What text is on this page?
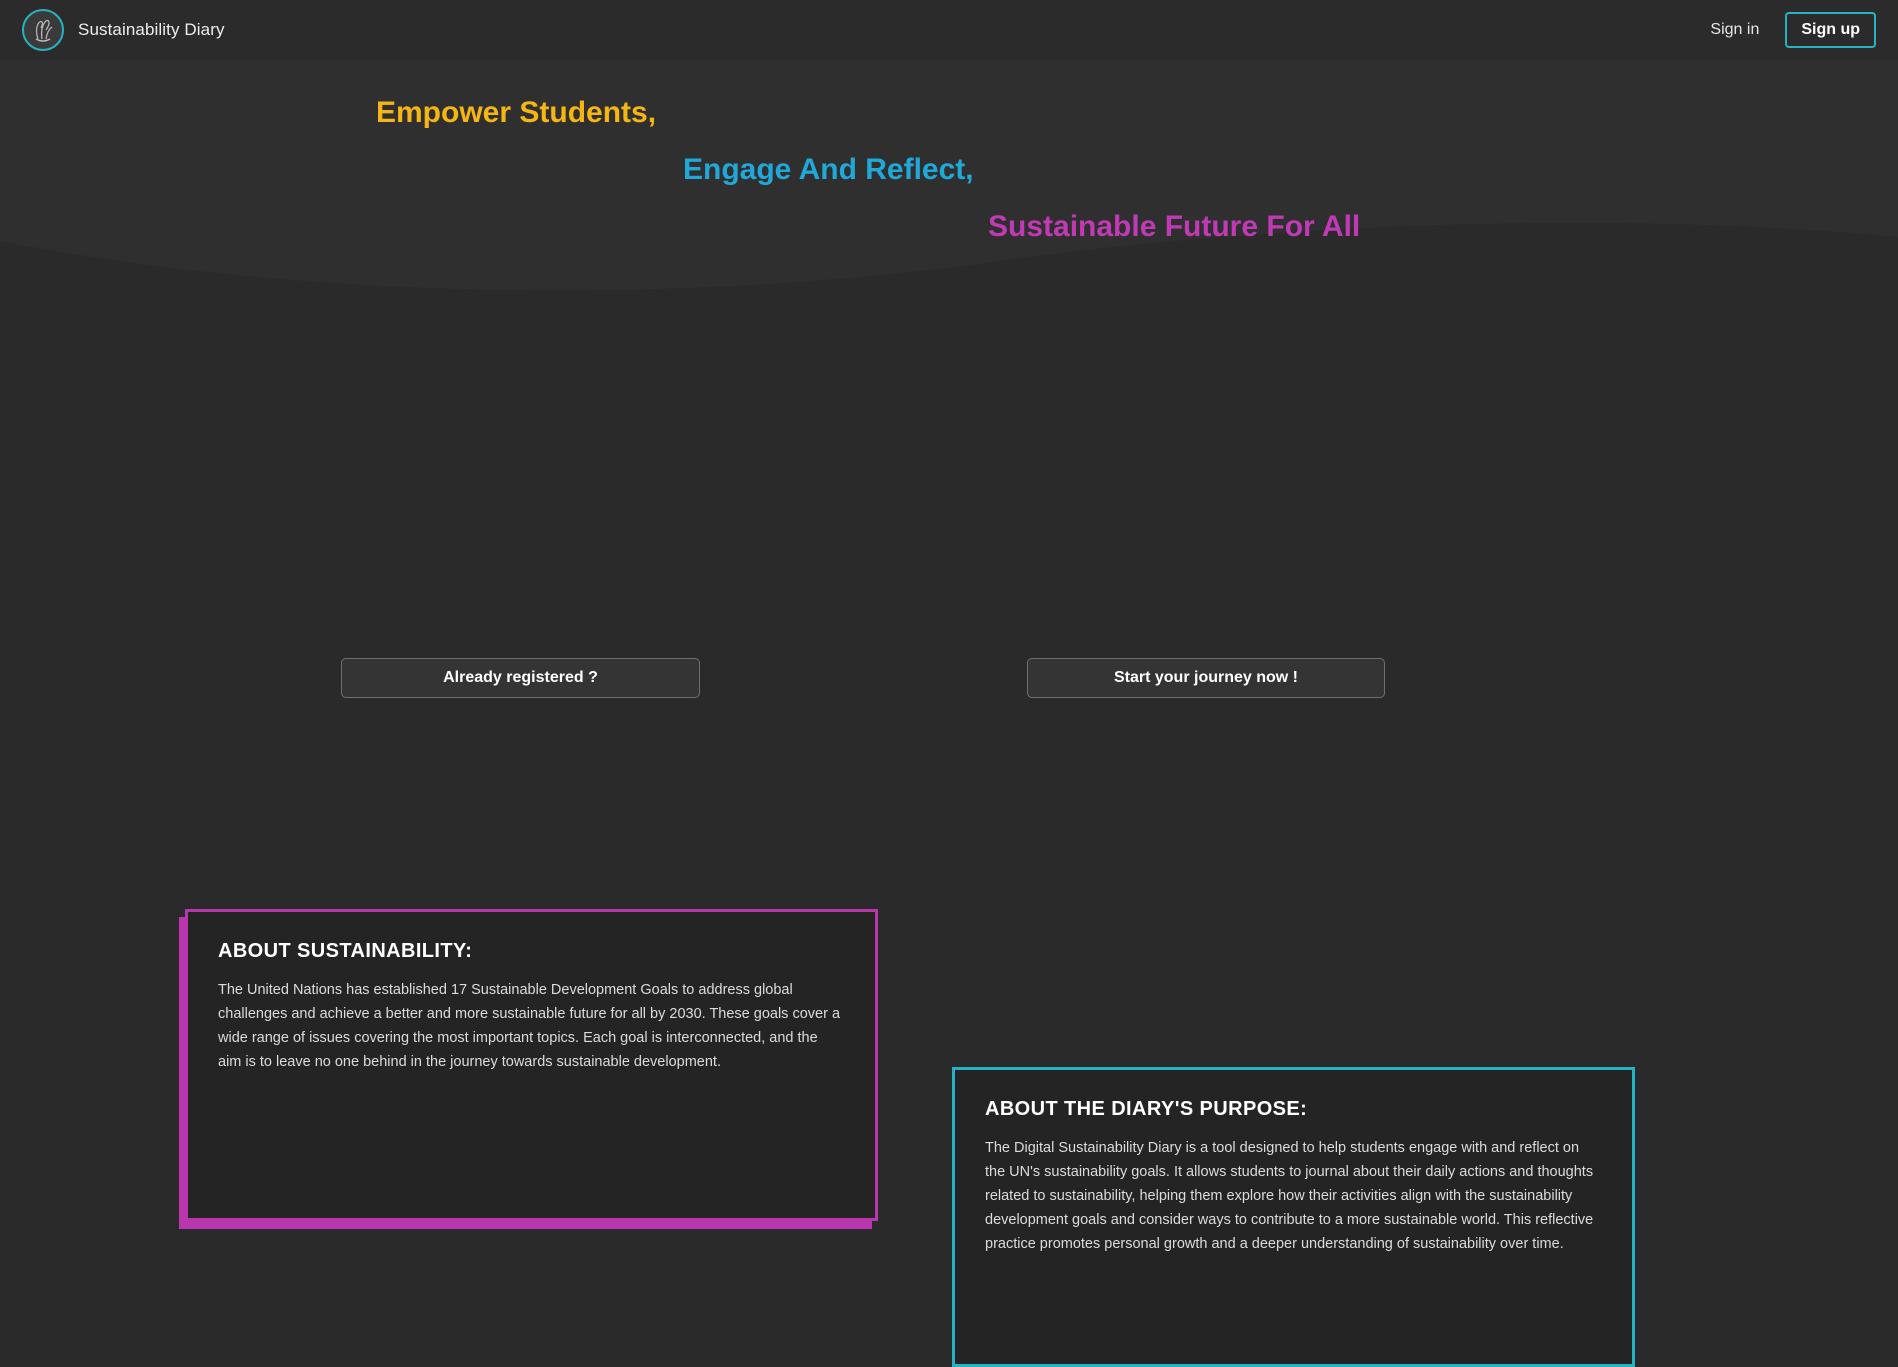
Sustainability Diary	Sign in	Sign up
Empower Students,
Engage And Reflect,
Sustainable Future For All
Already registered ?	Start your journey now !
ABOUT SUSTAINABILITY:

The United Nations has established 17 Sustainable Development Goals to address global challenges and achieve a better and more sustainable future for all by 2030. These goals cover a wide range of issues covering the most important topics. Each goal is interconnected, and the aim is to leave no one behind in the journey towards sustainable development.

ABOUT THE DIARY'S PURPOSE:

The Digital Sustainability Diary is a tool designed to help students engage with and reflect on the UN's sustainability goals. It allows students to journal about their daily actions and thoughts related to sustainability, helping them explore how their activities align with the sustainability development goals and consider ways to contribute to a more sustainable world. This reflective practice promotes personal growth and a deeper understanding of sustainability over time.
